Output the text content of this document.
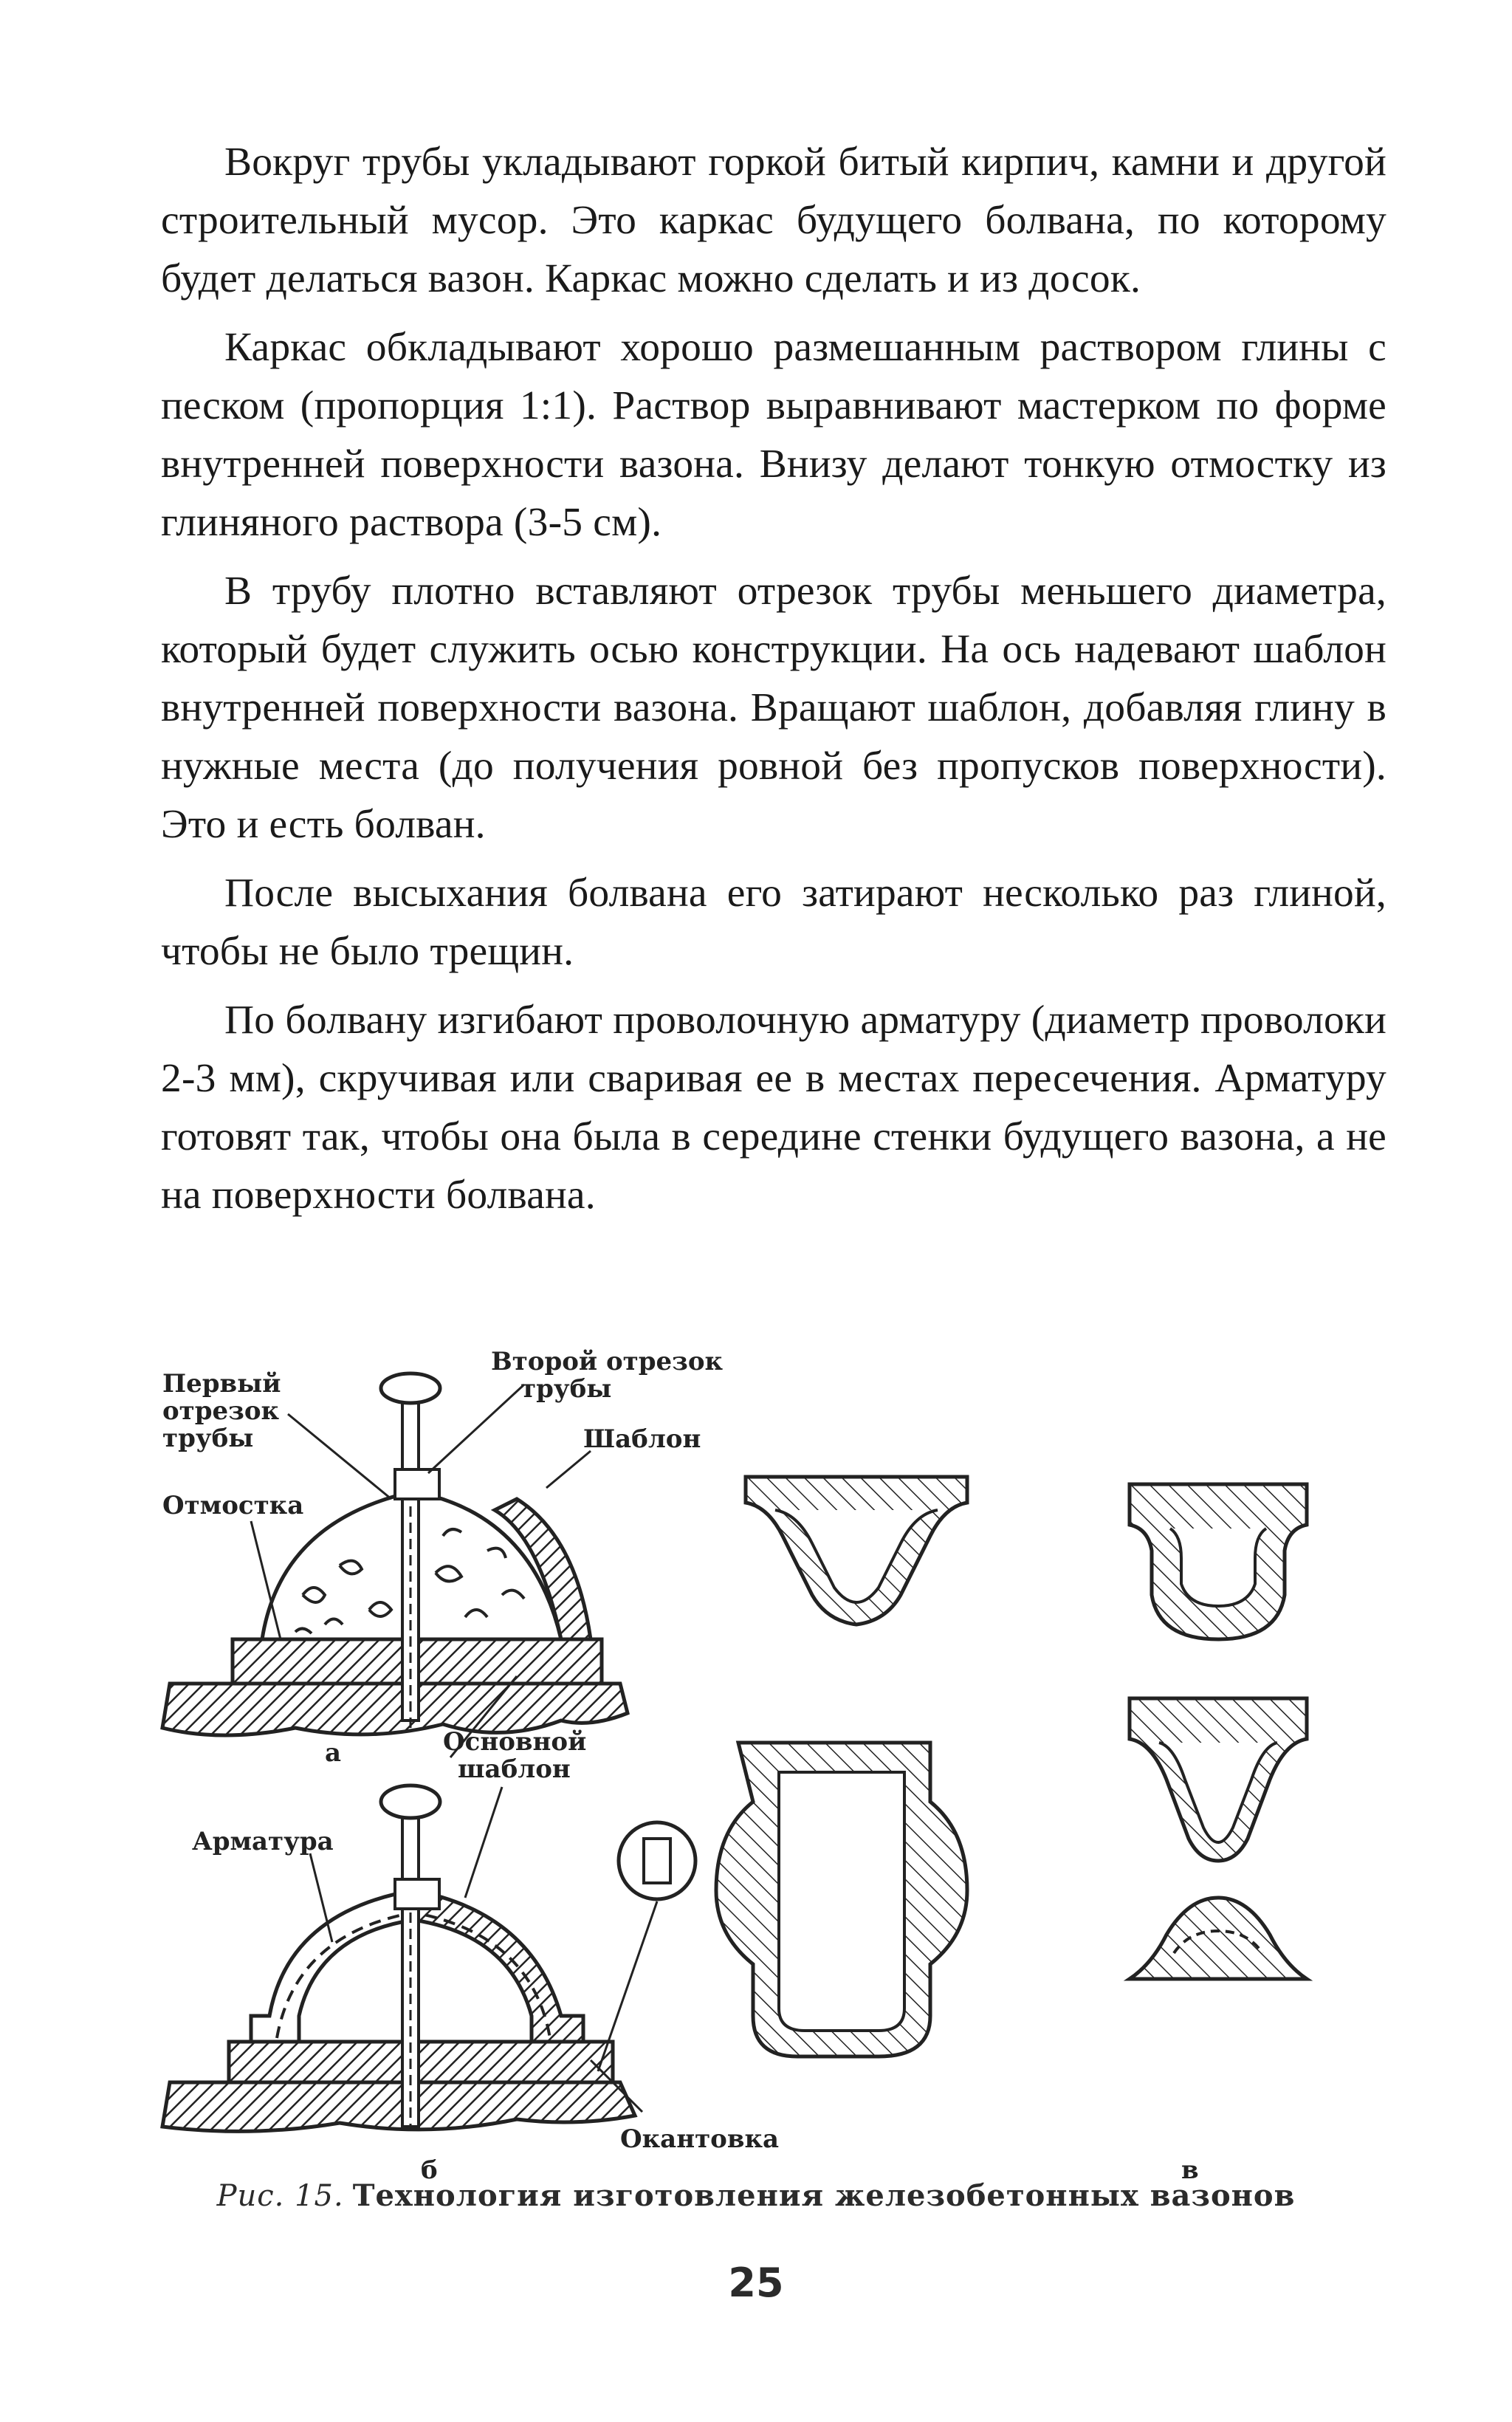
Вокруг трубы укладывают горкой битый кирпич, камни и другой строительный мусор. Это каркас будущего болвана, по которому будет делаться вазон. Каркас можно сделать и из досок.

Каркас обкладывают хорошо размешанным раствором глины с песком (пропорция 1:1). Раствор выравнивают мастерком по форме внутренней поверхности вазона. Внизу делают тонкую отмостку из глиняного раствора (3-5 см).

В трубу плотно вставляют отрезок трубы меньшего диаметра, который будет служить осью конструкции. На ось надевают шаблон внутренней поверхности вазона. Вращают шаблон, добавляя глину в нужные места (до получения ровной без пропусков поверхности). Это и есть болван.

После высыхания болвана его затирают несколько раз глиной, чтобы не было трещин.

По болвану изгибают проволочную арматуру (диаметр проволоки 2-3 мм), скручивая или сваривая ее в местах пересечения. Арматуру готовят так, чтобы она была в середине стенки будущего вазона, а не на поверхности болвана.

Первый
отрезок
трубы
Второй отрезок
трубы
Шаблон
Отмостка
Основной
шаблон
а
Арматура
Окантовка
б	в
Рис. 15. Технология изготовления железобетонных вазонов
25
